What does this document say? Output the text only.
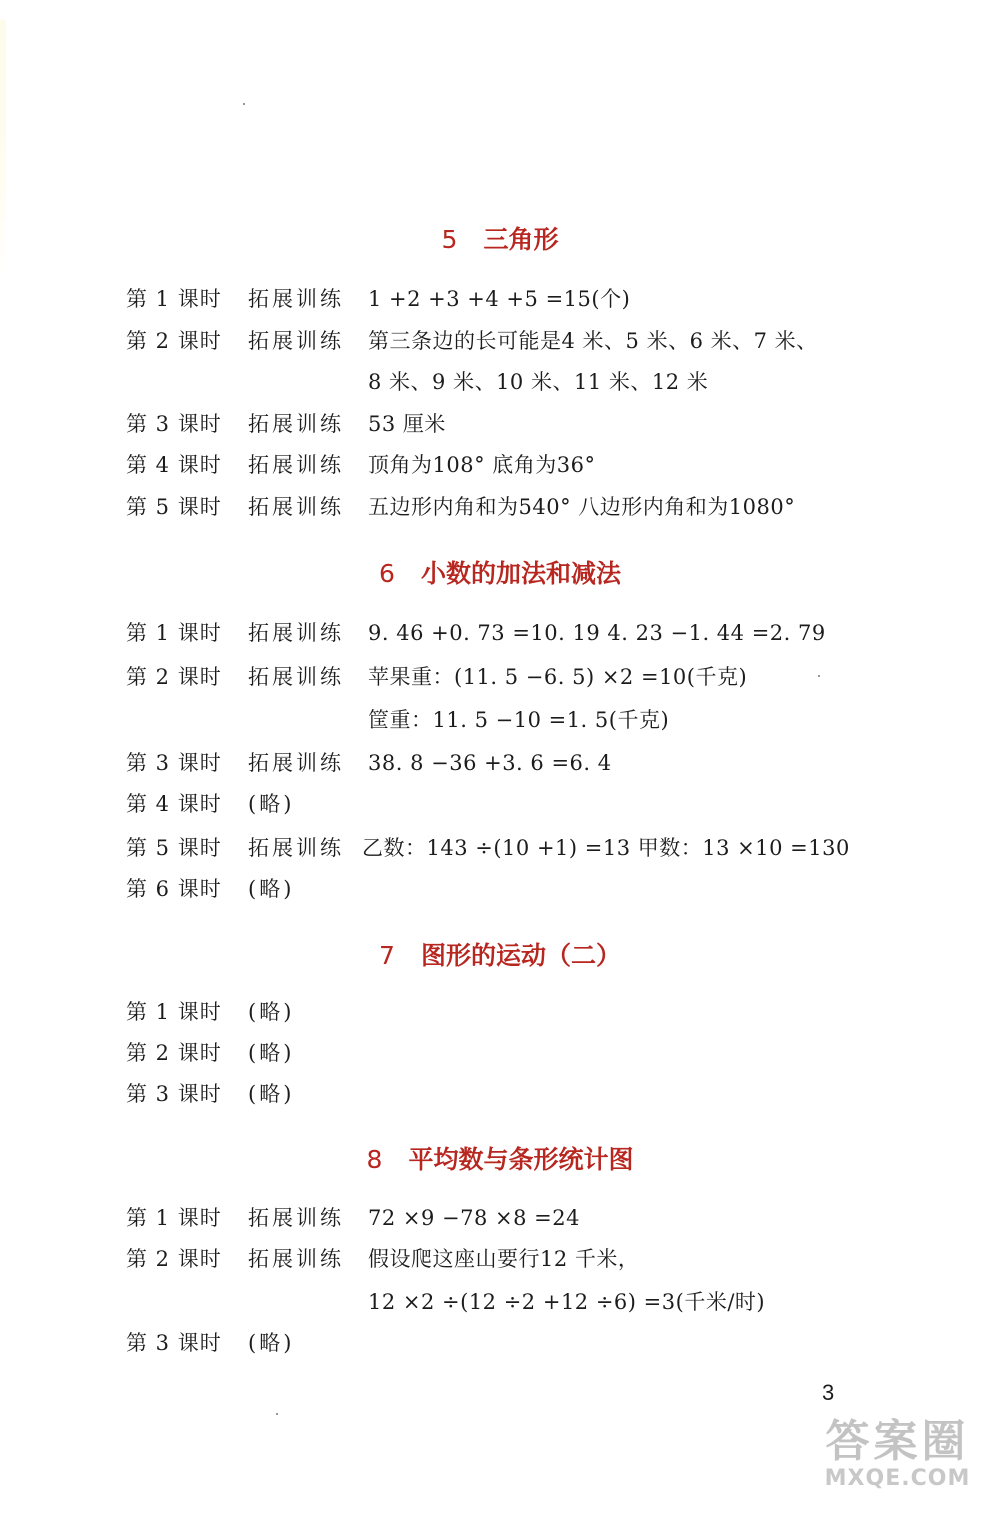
5 三角形
第 1 课时 拓展训练 1 +2 +3 +4 +5 =15(个)
第 2 课时 拓展训练 第三条边的长可能是4 米、5 米、6 米、7 米、
8 米、9 米、10 米、11 米、12 米
第 3 课时 拓展训练 53 厘米
第 4 课时 拓展训练 顶角为108° 底角为36°
第 5 课时 拓展训练 五边形内角和为540° 八边形内角和为1080°
6 小数的加法和减法
第 1 课时 拓展训练 9. 46 +0. 73 =10. 19 4. 23 −1. 44 =2. 79
第 2 课时 拓展训练 苹果重：(11. 5 −6. 5) ×2 =10(千克)
筐重：11. 5 −10 =1. 5(千克)
第 3 课时 拓展训练 38. 8 −36 +3. 6 =6. 4
第 4 课时 (略)
第 5 课时 拓展训练 乙数：143 ÷(10 +1) =13 甲数：13 ×10 =130
第 6 课时 (略)
7 图形的运动（二）
第 1 课时 (略)
第 2 课时 (略)
第 3 课时 (略)
8 平均数与条形统计图
第 1 课时 拓展训练 72 ×9 −78 ×8 =24
第 2 课时 拓展训练 假设爬这座山要行12 千米，
12 ×2 ÷(12 ÷2 +12 ÷6) =3(千米/时)
第 3 课时 (略)
3
答案圈
MXQE.COM
